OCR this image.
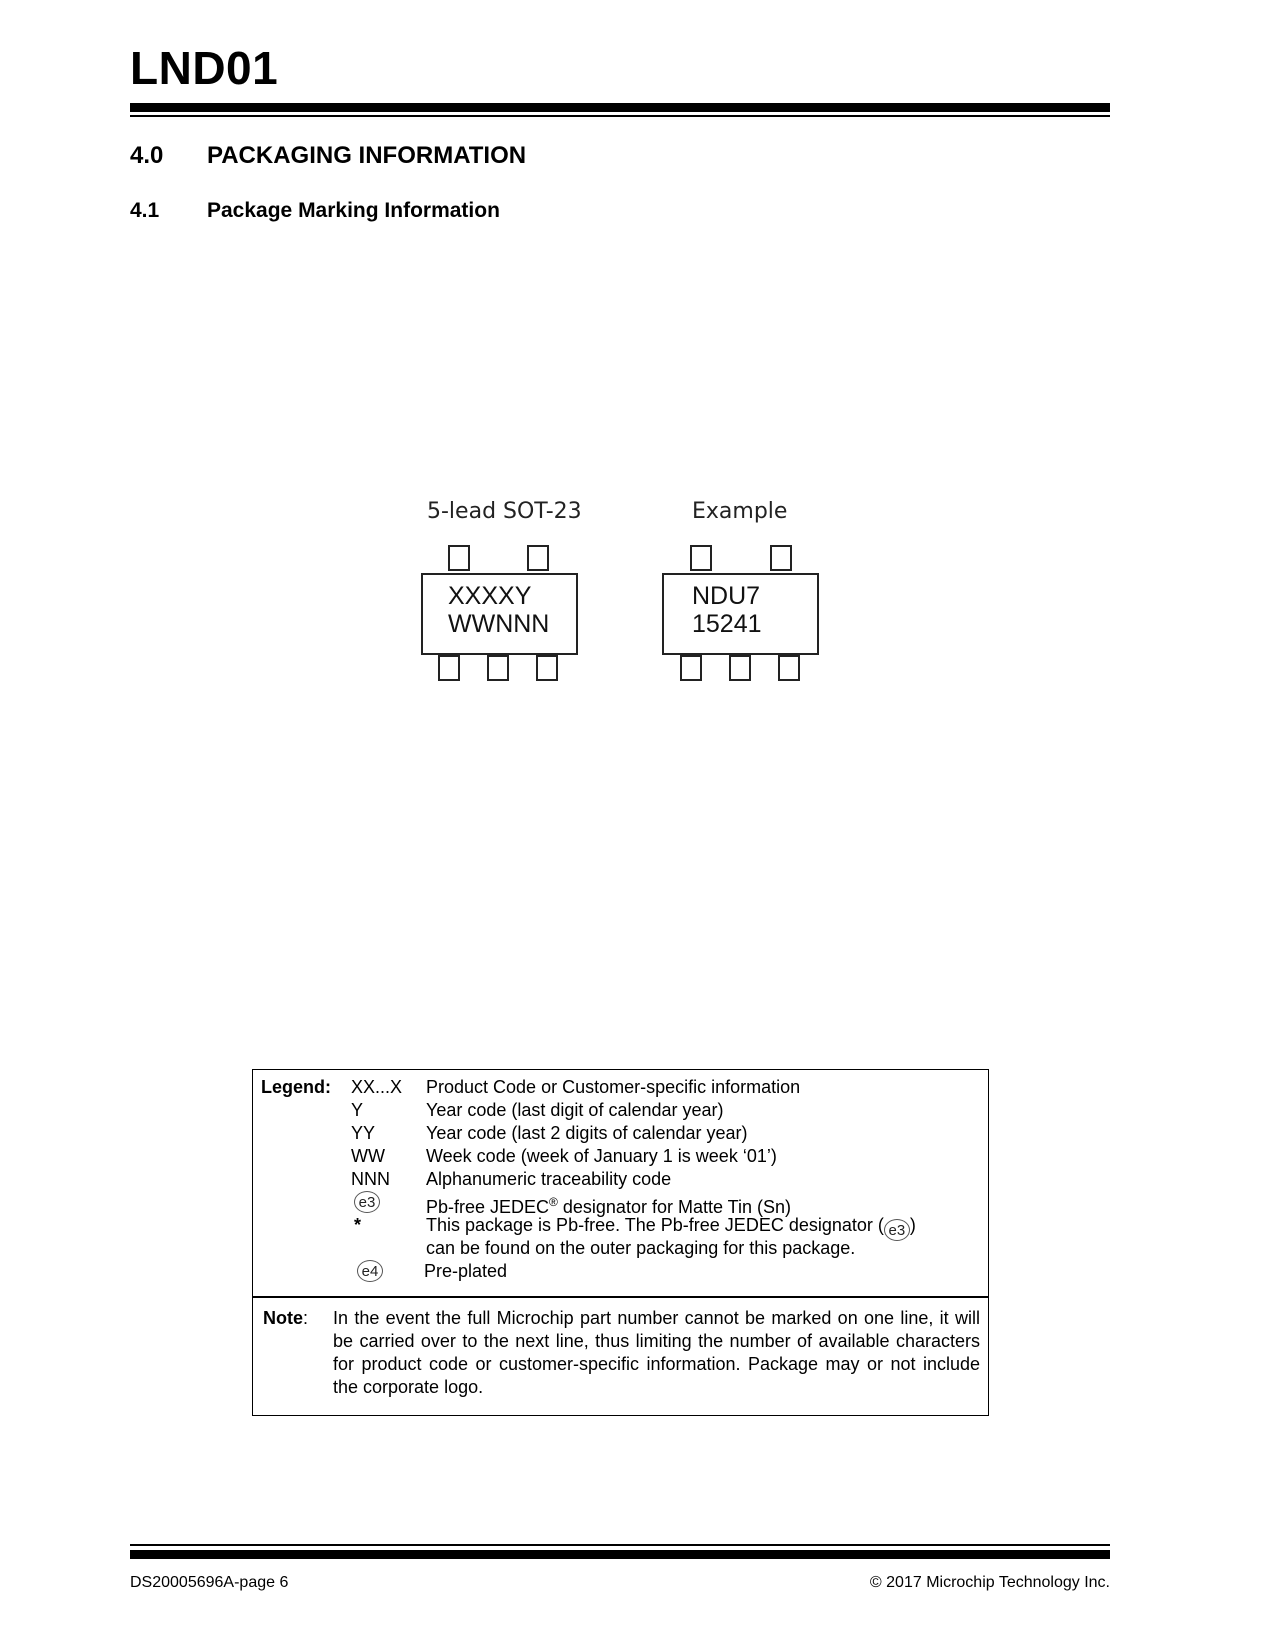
LND01
4.0 PACKAGING INFORMATION
4.1 Package Marking Information
5-lead SOT-23
XXXXY
WWNNN
Example
NDU7
15241
Legend: XX...X Product Code or Customer-specific information
Y	Year code (last digit of calendar year)
YY	Year code (last 2 digits of calendar year)
WW Week code (week of January 1 is week ‘01’)
NNN Alphanumeric traceability code
e3	Pb-free JEDEC® designator for Matte Tin (Sn)
*	This package is Pb-free. The Pb-free JEDEC designator ( e3 )
can be found on the outer packaging for this package.
e4	Pre-plated
Note: In the event the full Microchip part number cannot be marked on one line, it will be carried over to the next line, thus limiting the number of available characters for product code or customer-specific information. Package may or not include the corporate logo.
DS20005696A-page 6	© 2017 Microchip Technology Inc.
